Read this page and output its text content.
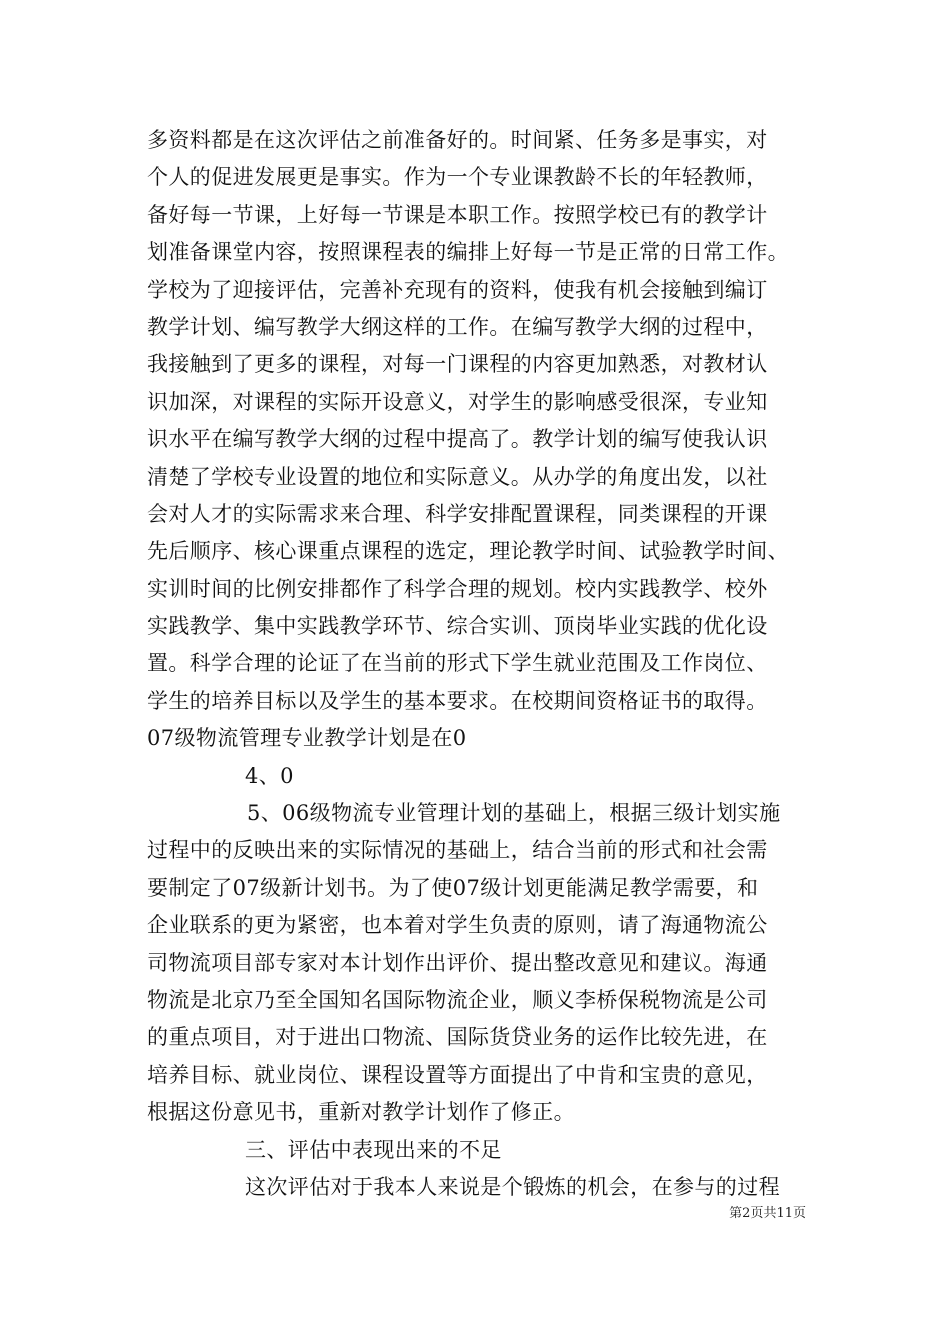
多资料都是在这次评估之前准备好的。时间紧、任务多是事实，对
个人的促进发展更是事实。作为一个专业课教龄不长的年轻教师，
备好每一节课，上好每一节课是本职工作。按照学校已有的教学计
划准备课堂内容，按照课程表的编排上好每一节是正常的日常工作。
学校为了迎接评估，完善补充现有的资料，使我有机会接触到编订
教学计划、编写教学大纲这样的工作。在编写教学大纲的过程中，
我接触到了更多的课程，对每一门课程的内容更加熟悉，对教材认
识加深，对课程的实际开设意义，对学生的影响感受很深，专业知
识水平在编写教学大纲的过程中提高了。教学计划的编写使我认识
清楚了学校专业设置的地位和实际意义。从办学的角度出发，以社
会对人才的实际需求来合理、科学安排配置课程，同类课程的开课
先后顺序、核心课重点课程的选定，理论教学时间、试验教学时间、
实训时间的比例安排都作了科学合理的规划。校内实践教学、校外
实践教学、集中实践教学环节、综合实训、顶岗毕业实践的优化设
置。科学合理的论证了在当前的形式下学生就业范围及工作岗位、
学生的培养目标以及学生的基本要求。在校期间资格证书的取得。
07级物流管理专业教学计划是在0
4、0
5、06级物流专业管理计划的基础上，根据三级计划实施
过程中的反映出来的实际情况的基础上，结合当前的形式和社会需
要制定了07级新计划书。为了使07级计划更能满足教学需要，和
企业联系的更为紧密，也本着对学生负责的原则，请了海通物流公
司物流项目部专家对本计划作出评价、提出整改意见和建议。海通
物流是北京乃至全国知名国际物流企业，顺义李桥保税物流是公司
的重点项目，对于进出口物流、国际货贷业务的运作比较先进，在
培养目标、就业岗位、课程设置等方面提出了中肯和宝贵的意见，
根据这份意见书，重新对教学计划作了修正。
三、评估中表现出来的不足
这次评估对于我本人来说是个锻炼的机会，在参与的过程
第2页共11页
